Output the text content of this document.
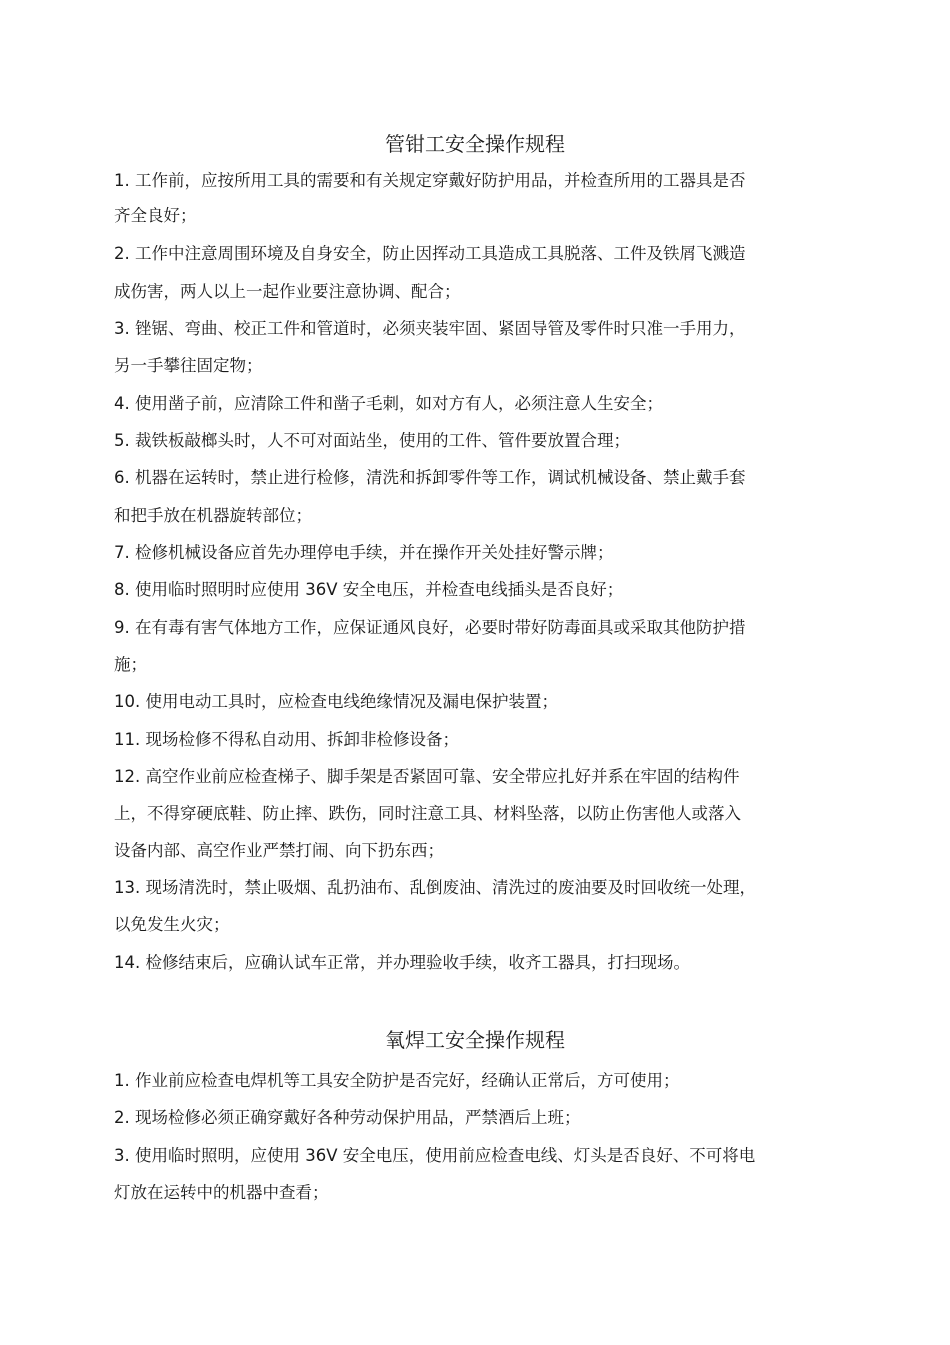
管钳工安全操作规程

1. 工作前，应按所用工具的需要和有关规定穿戴好防护用品，并检查所用的工器具是否

齐全良好；

2. 工作中注意周围环境及自身安全，防止因挥动工具造成工具脱落、工件及铁屑飞溅造

成伤害，两人以上一起作业要注意协调、配合；

3. 锉锯、弯曲、校正工件和管道时，必须夹装牢固、紧固导管及零件时只准一手用力，

另一手攀往固定物；

4. 使用凿子前，应清除工件和凿子毛刺，如对方有人，必须注意人生安全；

5. 裁铁板敲榔头时，人不可对面站坐，使用的工件、管件要放置合理；

6. 机器在运转时，禁止进行检修，清洗和拆卸零件等工作，调试机械设备、禁止戴手套

和把手放在机器旋转部位；

7. 检修机械设备应首先办理停电手续，并在操作开关处挂好警示牌；

8. 使用临时照明时应使用 36V 安全电压，并检查电线插头是否良好；

9. 在有毒有害气体地方工作，应保证通风良好，必要时带好防毒面具或采取其他防护措

施；

10. 使用电动工具时，应检查电线绝缘情况及漏电保护装置；

11. 现场检修不得私自动用、拆卸非检修设备；

12. 高空作业前应检查梯子、脚手架是否紧固可靠、安全带应扎好并系在牢固的结构件

上，不得穿硬底鞋、防止摔、跌伤，同时注意工具、材料坠落，以防止伤害他人或落入

设备内部、高空作业严禁打闹、向下扔东西；

13. 现场清洗时，禁止吸烟、乱扔油布、乱倒废油、清洗过的废油要及时回收统一处理，

以免发生火灾；

14. 检修结束后，应确认试车正常，并办理验收手续，收齐工器具，打扫现场。

氧焊工安全操作规程

1. 作业前应检查电焊机等工具安全防护是否完好，经确认正常后，方可使用；

2. 现场检修必须正确穿戴好各种劳动保护用品，严禁酒后上班；

3. 使用临时照明，应使用 36V 安全电压，使用前应检查电线、灯头是否良好、不可将电

灯放在运转中的机器中查看；
